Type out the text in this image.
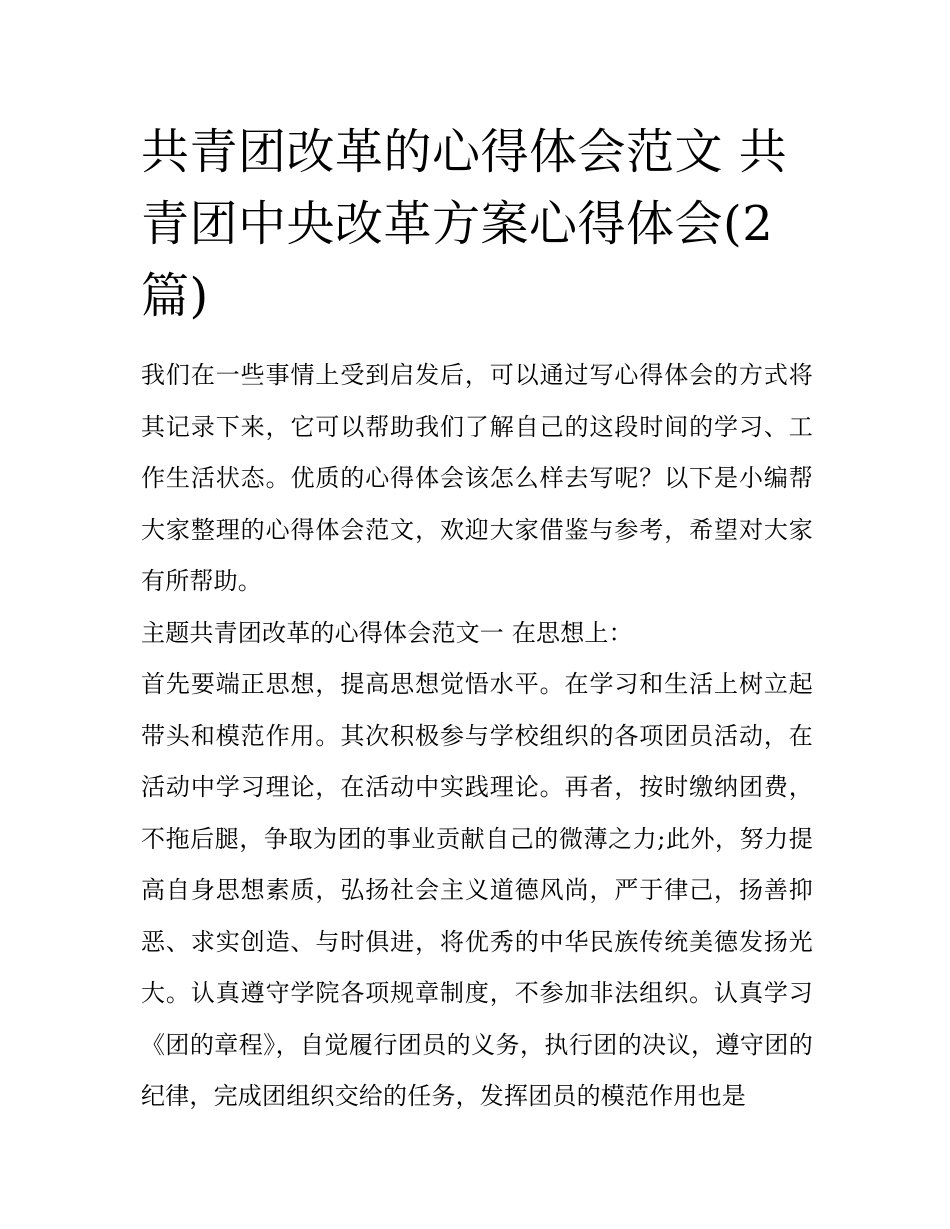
共青团改革的心得体会范文 共青团中央改革方案心得体会(2篇)

我们在一些事情上受到启发后，可以通过写心得体会的方式将其记录下来，它可以帮助我们了解自己的这段时间的学习、工作生活状态。优质的心得体会该怎么样去写呢？以下是小编帮大家整理的心得体会范文，欢迎大家借鉴与参考，希望对大家有所帮助。

主题共青团改革的心得体会范文一 在思想上：

首先要端正思想，提高思想觉悟水平。在学习和生活上树立起带头和模范作用。其次积极参与学校组织的各项团员活动，在活动中学习理论，在活动中实践理论。再者，按时缴纳团费，不拖后腿，争取为团的事业贡献自己的微薄之力;此外，努力提高自身思想素质，弘扬社会主义道德风尚，严于律己，扬善抑恶、求实创造、与时俱进，将优秀的中华民族传统美德发扬光大。认真遵守学院各项规章制度，不参加非法组织。认真学习《团的章程》，自觉履行团员的义务，执行团的决议，遵守团的纪律，完成团组织交给的任务，发挥团员的模范作用也是
